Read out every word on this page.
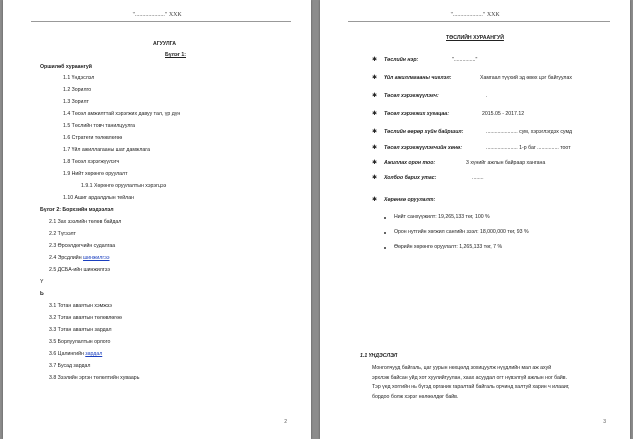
"...................." ХХК
АГУУЛГА
Бүлэг 1:
Оршилөб хураангуй
1.1 Үндэслэл
1.2 Зорилго
1.3 Зорилт
1.4 Төсөл амжилттай хэрэгжих давуу тал, үр дүн
1.5 Төслийн товч танилцуулга
1.6 Стратеги төлөвлөгөө
1.7 Үйл ажиллагааны шат дамжлага
1.8 Төсөл хэрэгжүүлэгч
1.9 Нийт хөрөнгө оруулалт
1.9.1 Хөрөнгө оруулалтын хэрэгцээ
1.10 Ашиг ардалдлын тейлан
Бүлэг 2: Борхзийн мэдээлэл
2.1 Зах зээлийн төлөв байдал
2.2 Түгээлт
2.3 Өрсөлдөгчийн судалгаа
2.4 Эрсдлийн шинжилгээ
2.5 ДСБА-ийн шинжилгээ
Y
Ь
3.1 Тотан аваятын хэмжээ
3.2 Тэтан аваятын төлөвлөгөө
3.3 Тэтан аваятын зардал
3.5 Борлуулалтын орлого
3.6 Цалингийн зардал
3.7 Бусад зардал
3.8 Зээлийн эргэн төлөлтийн хуваарь
2
"...................." ХХК
ТӨСЛИЙН ХУРААНГУЙ
✱ Төслийн нэр:	"..............."
✱ Үйл ажиллагааны чиглэл:	Хамгаал түүхий эд өвөх цэг байгуулах
✱ Төсөл хэрэгжүүлэгч:	.
✱ Төсөл хэрэгжих хугацаа:	2015.05 - 2017.12
✱ Төслийн өөрөр хүйн байршил:	...................... сум, хэрэглэгдэх сумд
✱ Төсөл хэрэгжүүлэгчийн хөнө:	...................... 1-р баг ............... тоот
✱ Ажиллах орон тоо:	3 хүнийг ажлын байраар хангана
✱ Холбоо барих утас:	........
✱ Хөрөнгө оруулалт:
Нийт санхүүжилт: 19,265,133 төг, 100 %
Орон нутгийн хөгжил сангийн зээл: 18,000,000 төг, 93 %
Өөрийн хөрөнгө оруулалт: 1,265,133 төг, 7 %
1.1 ҮНДЭСЛЭЛ
Монголчууд байгаль, цаг уурын нөхцөлд зохицуулж нүүдлийн мал аж ахуй
эрхлэж байсан уйд хот хуулийгуулан, хаах асуудал огт нүвэлгүй ажлын ног байв.
Тэр үед хоггийн нь бүгэд органик гаралтай байгаль орчинд халтуй харин ч илааиг,
бордоо болж хэрэг нөлөөлдөг байв.
3
